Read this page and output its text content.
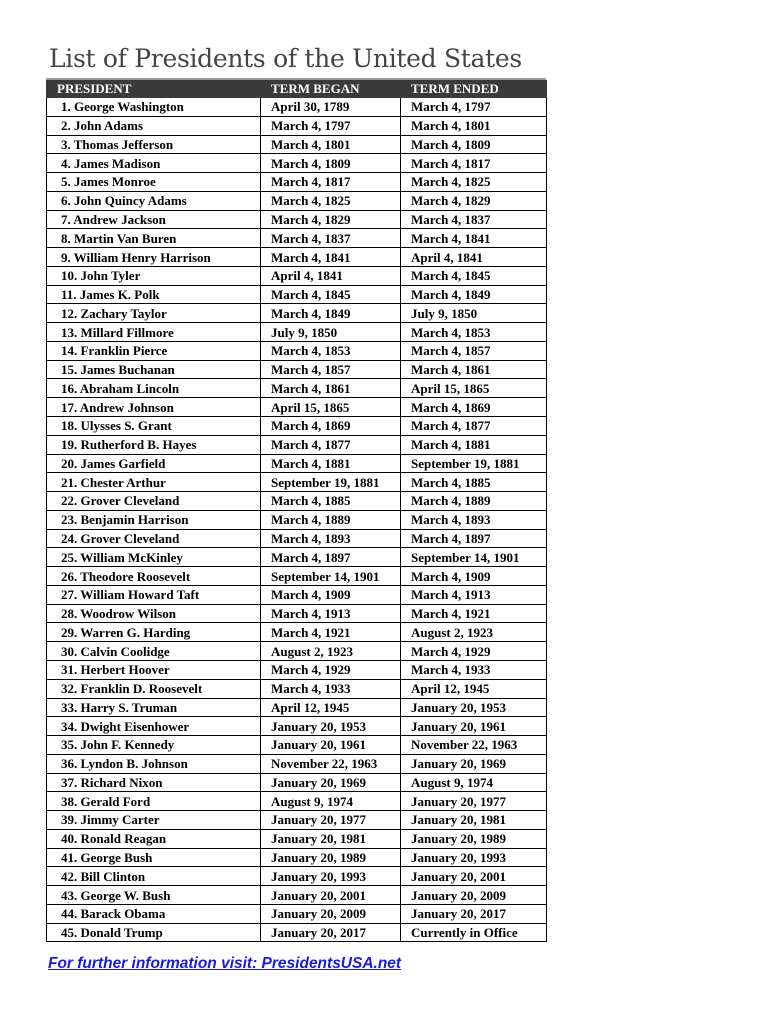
List of Presidents of the United States
PRESIDENT	TERM BEGAN	TERM ENDED
1. George Washington	April 30, 1789	March 4, 1797
2. John Adams	March 4, 1797	March 4, 1801
3. Thomas Jefferson	March 4, 1801	March 4, 1809
4. James Madison	March 4, 1809	March 4, 1817
5. James Monroe	March 4, 1817	March 4, 1825
6. John Quincy Adams	March 4, 1825	March 4, 1829
7. Andrew Jackson	March 4, 1829	March 4, 1837
8. Martin Van Buren	March 4, 1837	March 4, 1841
9. William Henry Harrison	March 4, 1841	April 4, 1841
10. John Tyler	April 4, 1841	March 4, 1845
11. James K. Polk	March 4, 1845	March 4, 1849
12. Zachary Taylor	March 4, 1849	July 9, 1850
13. Millard Fillmore	July 9, 1850	March 4, 1853
14. Franklin Pierce	March 4, 1853	March 4, 1857
15. James Buchanan	March 4, 1857	March 4, 1861
16. Abraham Lincoln	March 4, 1861	April 15, 1865
17. Andrew Johnson	April 15, 1865	March 4, 1869
18. Ulysses S. Grant	March 4, 1869	March 4, 1877
19. Rutherford B. Hayes	March 4, 1877	March 4, 1881
20. James Garfield	March 4, 1881	September 19, 1881
21. Chester Arthur	September 19, 1881	March 4, 1885
22. Grover Cleveland	March 4, 1885	March 4, 1889
23. Benjamin Harrison	March 4, 1889	March 4, 1893
24. Grover Cleveland	March 4, 1893	March 4, 1897
25. William McKinley	March 4, 1897	September 14, 1901
26. Theodore Roosevelt	September 14, 1901	March 4, 1909
27. William Howard Taft	March 4, 1909	March 4, 1913
28. Woodrow Wilson	March 4, 1913	March 4, 1921
29. Warren G. Harding	March 4, 1921	August 2, 1923
30. Calvin Coolidge	August 2, 1923	March 4, 1929
31. Herbert Hoover	March 4, 1929	March 4, 1933
32. Franklin D. Roosevelt	March 4, 1933	April 12, 1945
33. Harry S. Truman	April 12, 1945	January 20, 1953
34. Dwight Eisenhower	January 20, 1953	January 20, 1961
35. John F. Kennedy	January 20, 1961	November 22, 1963
36. Lyndon B. Johnson	November 22, 1963	January 20, 1969
37. Richard Nixon	January 20, 1969	August 9, 1974
38. Gerald Ford	August 9, 1974	January 20, 1977
39. Jimmy Carter	January 20, 1977	January 20, 1981
40. Ronald Reagan	January 20, 1981	January 20, 1989
41. George Bush	January 20, 1989	January 20, 1993
42. Bill Clinton	January 20, 1993	January 20, 2001
43. George W. Bush	January 20, 2001	January 20, 2009
44. Barack Obama	January 20, 2009	January 20, 2017
45. Donald Trump	January 20, 2017	Currently in Office
For further information visit: PresidentsUSA.net
